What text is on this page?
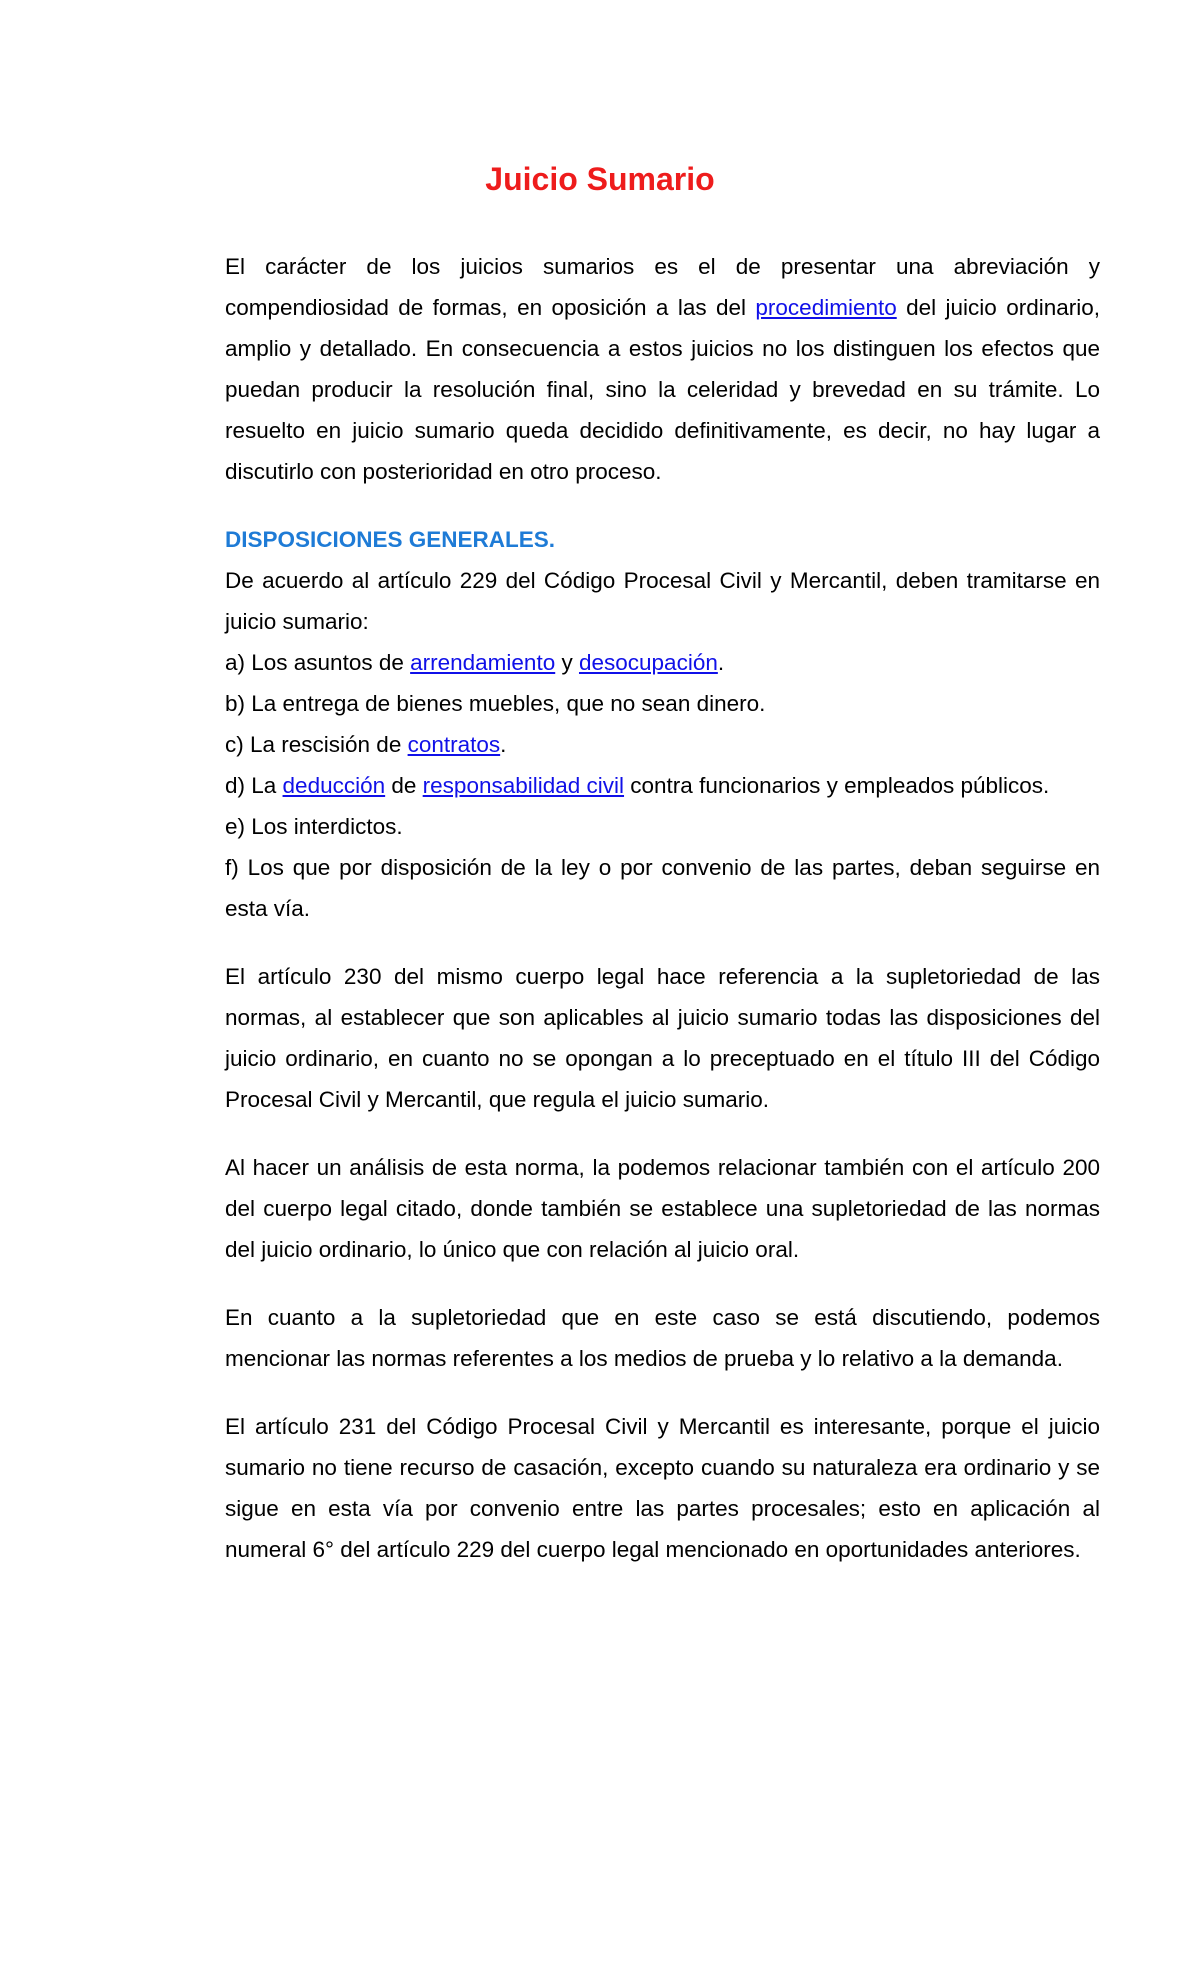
Juicio Sumario

El carácter de los juicios sumarios es el de presentar una abreviación y compendiosidad de formas, en oposición a las del procedimiento del juicio ordinario, amplio y detallado. En consecuencia a estos juicios no los distinguen los efectos que puedan producir la resolución final, sino la celeridad y brevedad en su trámite. Lo resuelto en juicio sumario queda decidido definitivamente, es decir, no hay lugar a discutirlo con posterioridad en otro proceso.

DISPOSICIONES GENERALES.

De acuerdo al artículo 229 del Código Procesal Civil y Mercantil, deben tramitarse en juicio sumario:

a) Los asuntos de arrendamiento y desocupación.

b) La entrega de bienes muebles, que no sean dinero.

c) La rescisión de contratos.

d) La deducción de responsabilidad civil contra funcionarios y empleados públicos.

e) Los interdictos.

f) Los que por disposición de la ley o por convenio de las partes, deban seguirse en esta vía.

El artículo 230 del mismo cuerpo legal hace referencia a la supletoriedad de las normas, al establecer que son aplicables al juicio sumario todas las disposiciones del juicio ordinario, en cuanto no se opongan a lo preceptuado en el título III del Código Procesal Civil y Mercantil, que regula el juicio sumario.

Al hacer un análisis de esta norma, la podemos relacionar también con el artículo 200 del cuerpo legal citado, donde también se establece una supletoriedad de las normas del juicio ordinario, lo único que con relación al juicio oral.

En cuanto a la supletoriedad que en este caso se está discutiendo, podemos mencionar las normas referentes a los medios de prueba y lo relativo a la demanda.

El artículo 231 del Código Procesal Civil y Mercantil es interesante, porque el juicio sumario no tiene recurso de casación, excepto cuando su naturaleza era ordinario y se sigue en esta vía por convenio entre las partes procesales; esto en aplicación al numeral 6° del artículo 229 del cuerpo legal mencionado en oportunidades anteriores.
